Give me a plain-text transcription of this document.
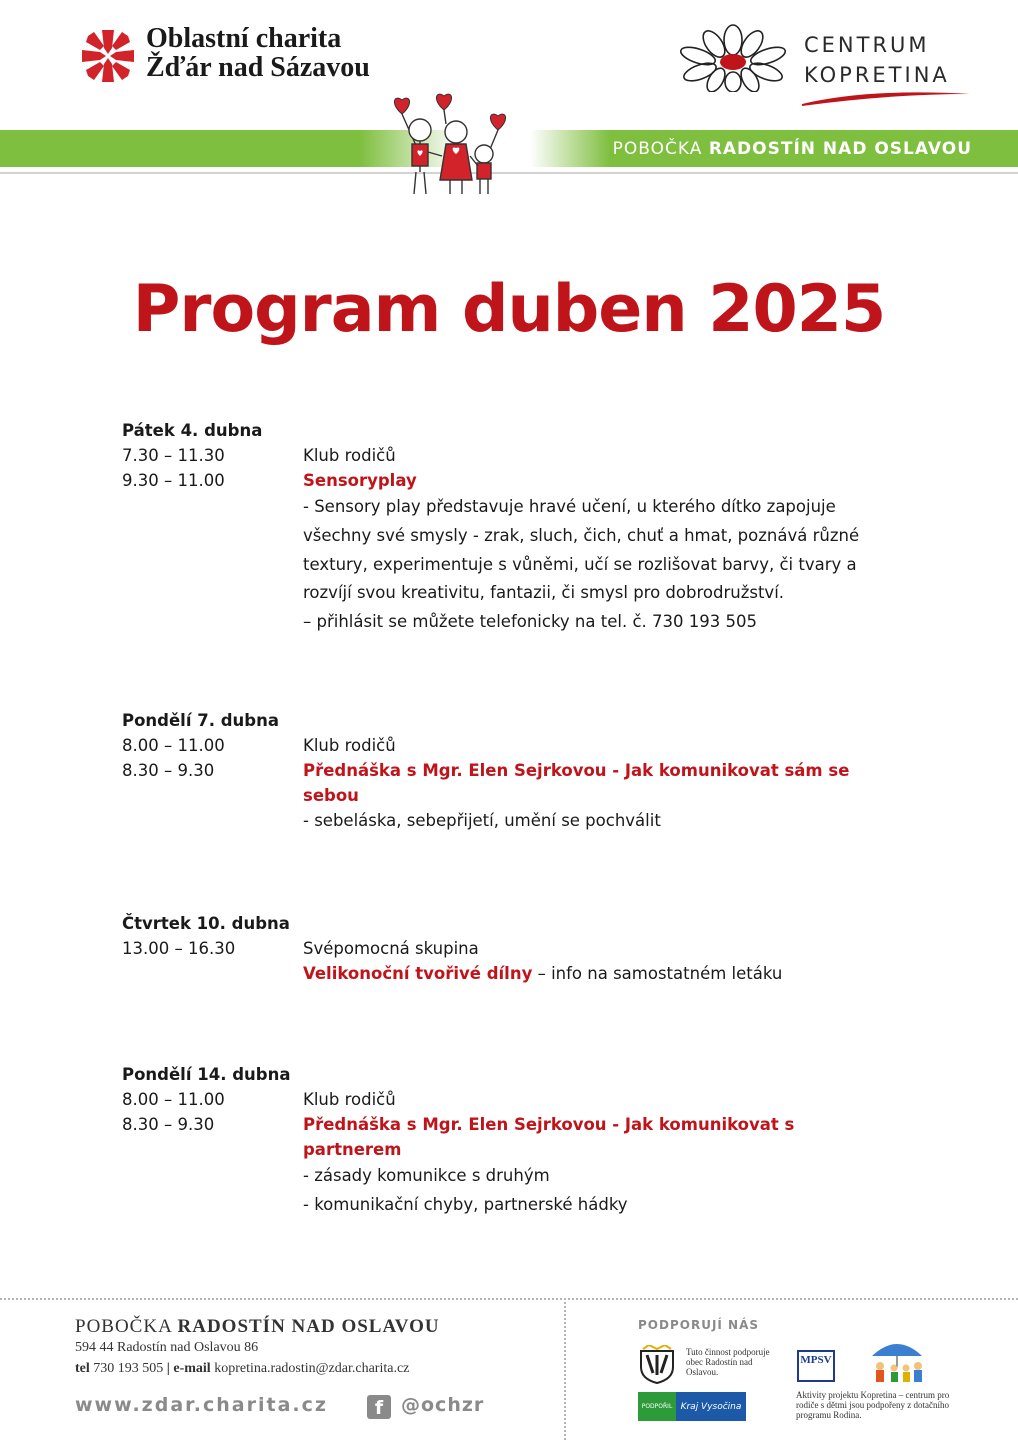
Oblastní charita
Žďár nad Sázavou
CENTRUM
KOPRETINA
POBOČKA RADOSTÍN NAD OSLAVOU
Program duben 2025
Pátek 4. dubna
7.30 – 11.30	Klub rodičů
9.30 – 11.00	Sensoryplay
- Sensory play představuje hravé učení, u kterého dítko zapojuje
všechny své smysly - zrak, sluch, čich, chuť a hmat, poznává různé
textury, experimentuje s vůněmi, učí se rozlišovat barvy, či tvary a
rozvíjí svou kreativitu, fantazii, či smysl pro dobrodružství.
– přihlásit se můžete telefonicky na tel. č. 730 193 505
Pondělí 7. dubna
8.00 – 11.00	Klub rodičů
8.30 – 9.30	Přednáška s Mgr. Elen Sejrkovou - Jak komunikovat sám se sebou
- sebeláska, sebepřijetí, umění se pochválit
Čtvrtek 10. dubna
13.00 – 16.30	Svépomocná skupina
Velikonoční tvořivé dílny – info na samostatném letáku
Pondělí 14. dubna
8.00 – 11.00	Klub rodičů
8.30 – 9.30	Přednáška s Mgr. Elen Sejrkovou - Jak komunikovat s partnerem
- zásady komunikce s druhým
- komunikační chyby, partnerské hádky
POBOČKA RADOSTÍN NAD OSLAVOU
594 44 Radostín nad Oslavou 86
tel 730 193 505 | e-mail kopretina.radostin@zdar.charita.cz
www.zdar.charita.cz	f @ochzr
PODPORUJÍ NÁS
Tuto činnost podporuje obec Radostín nad Oslavou.
MPSV
PODPOŘIL Kraj Vysočina
Aktivity projektu Kopretina – centrum pro rodiče s dětmi jsou podpořeny z dotačního programu Rodina.
